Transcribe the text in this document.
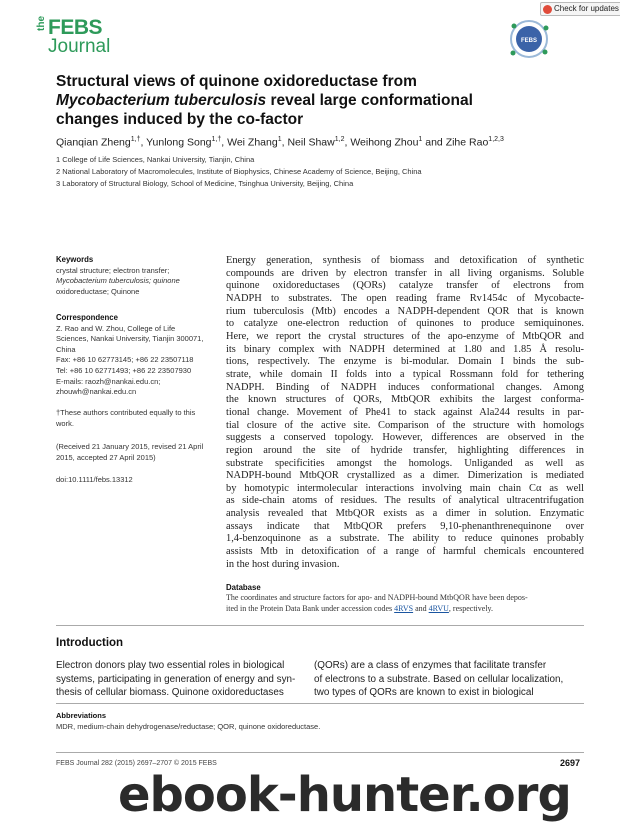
the FEBS
Journal
Check for updates
FEBS
Structural views of quinone oxidoreductase from
Mycobacterium tuberculosis reveal large conformational
changes induced by the co-factor
Qianqian Zheng$^{1,\dagger}$, Yunlong Song$^{1,\dagger}$, Wei Zhang$^1$, Neil Shaw$^{1,2}$, Weihong Zhou$^1$ and Zihe Rao$^{1,2,3}$
1 College of Life Sciences, Nankai University, Tianjin, China
2 National Laboratory of Macromolecules, Institute of Biophysics, Chinese Academy of Science, Beijing, China
3 Laboratory of Structural Biology, School of Medicine, Tsinghua University, Beijing, China
Keywords
crystal structure; electron transfer;
Mycobacterium tuberculosis; quinone
oxidoreductase; Quinone
Correspondence
Z. Rao and W. Zhou, College of Life
Sciences, Nankai University, Tianjin 300071,
China
Fax: +86 10 62773145; +86 22 23507118
Tel: +86 10 62771493; +86 22 23507930
E-mails: raozh@nankai.edu.cn;
zhouwh@nankai.edu.cn
†These authors contributed equally to this
work.
(Received 21 January 2015, revised 21 April
2015, accepted 27 April 2015)
doi:10.1111/febs.13312
Energy generation, synthesis of biomass and detoxification of synthetic
compounds are driven by electron transfer in all living organisms. Soluble
quinone oxidoreductases (QORs) catalyze transfer of electrons from
NADPH to substrates. The open reading frame Rv1454c of Mycobacte-
rium tuberculosis (Mtb) encodes a NADPH-dependent QOR that is known
to catalyze one-electron reduction of quinones to produce semiquinones.
Here, we report the crystal structures of the apo-enzyme of MtbQOR and
its binary complex with NADPH determined at 1.80 and 1.85 Å resolu-
tions, respectively. The enzyme is bi-modular. Domain I binds the sub-
strate, while domain II folds into a typical Rossmann fold for tethering
NADPH. Binding of NADPH induces conformational changes. Among
the known structures of QORs, MtbQOR exhibits the largest conforma-
tional change. Movement of Phe41 to stack against Ala244 results in par-
tial closure of the active site. Comparison of the structure with homologs
suggests a conserved topology. However, differences are observed in the
region around the site of hydride transfer, highlighting differences in
substrate specificities amongst the homologs. Unliganded as well as
NADPH-bound MtbQOR crystallized as a dimer. Dimerization is mediated
by homotypic intermolecular interactions involving main chain Cα as well
as side-chain atoms of residues. The results of analytical ultracentrifugation
analysis revealed that MtbQOR exists as a dimer in solution. Enzymatic
assays indicate that MtbQOR prefers 9,10-phenanthrenequinone over
1,4-benzoquinone as a substrate. The ability to reduce quinones probably
assists Mtb in detoxification of a range of harmful chemicals encountered
in the host during invasion.
Database
The coordinates and structure factors for apo- and NADPH-bound MtbQOR have been depos-
ited in the Protein Data Bank under accession codes 4RVS and 4RVU, respectively.
Introduction
Electron donors play two essential roles in biological
systems, participating in generation of energy and syn-
thesis of cellular biomass. Quinone oxidoreductases
(QORs) are a class of enzymes that facilitate transfer
of electrons to a substrate. Based on cellular localization,
two types of QORs are known to exist in biological
Abbreviations
MDR, medium-chain dehydrogenase/reductase; QOR, quinone oxidoreductase.
FEBS Journal 282 (2015) 2697–2707 © 2015 FEBS	2697
ebook-hunter.org
